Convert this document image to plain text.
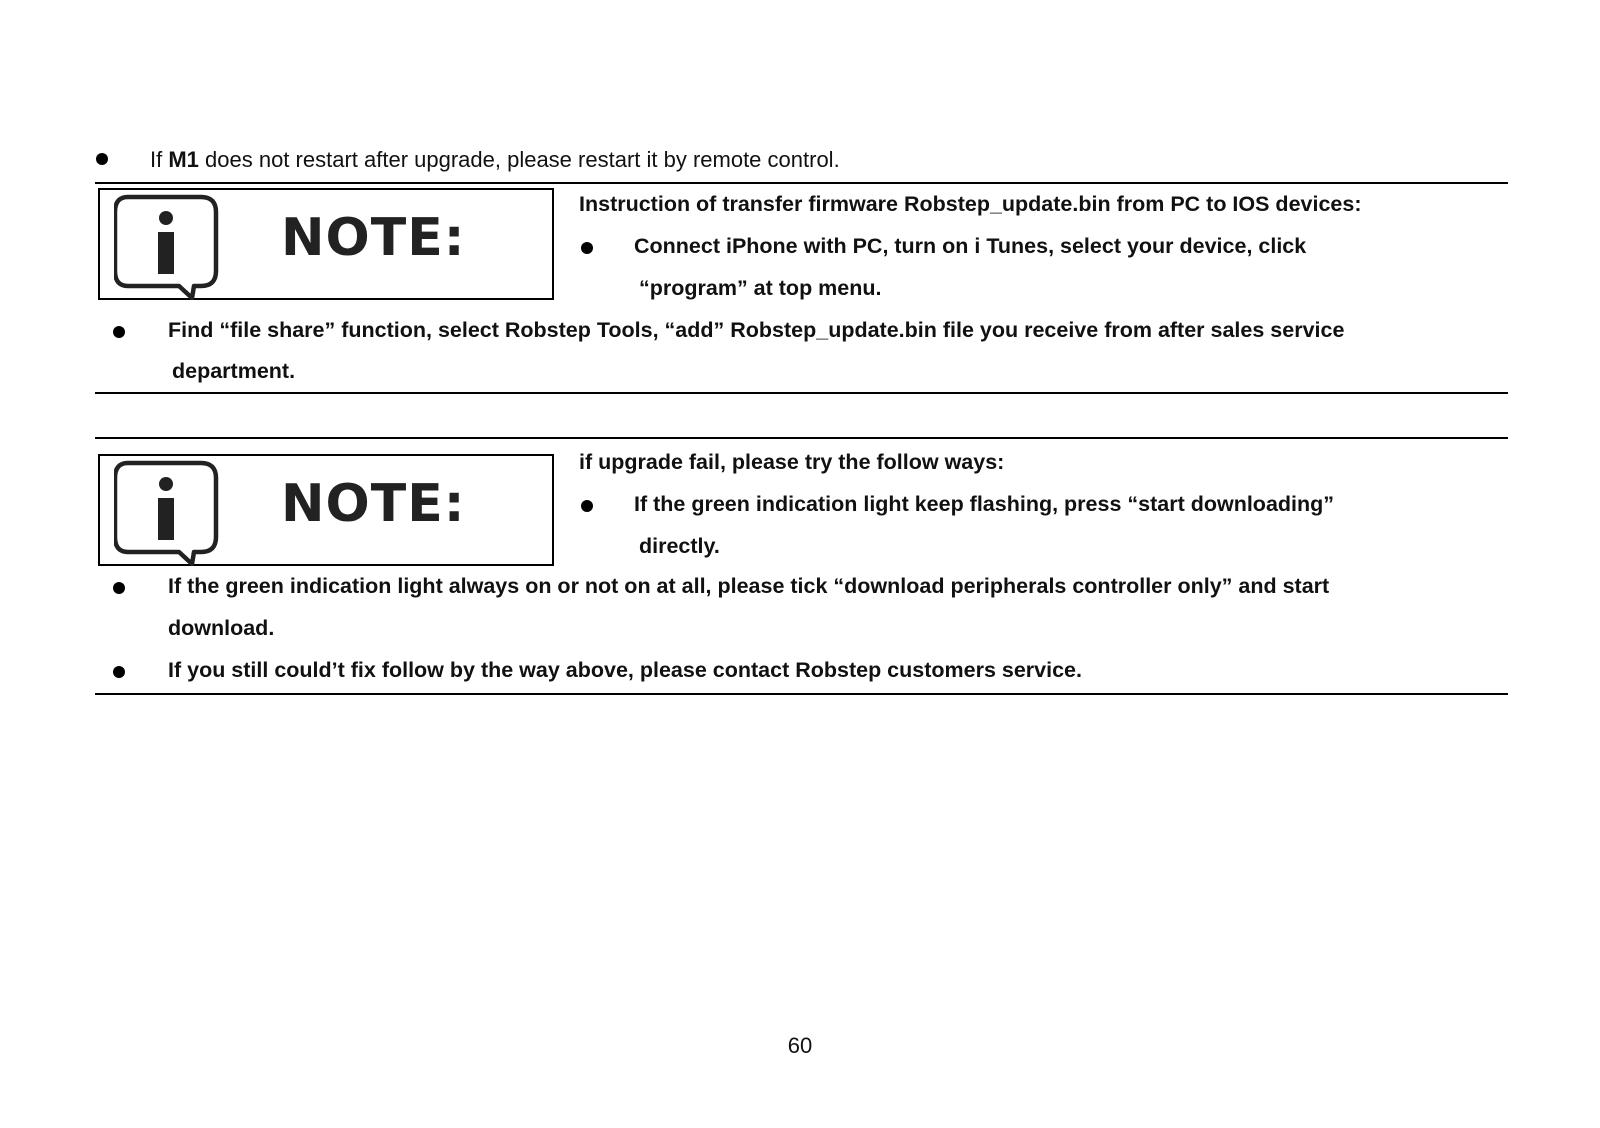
If M1 does not restart after upgrade, please restart it by remote control.
NOTE:
Instruction of transfer firmware Robstep_update.bin from PC to IOS devices:
Connect iPhone with PC, turn on i Tunes, select your device, click
“program” at top menu.
Find “file share” function, select Robstep Tools, “add” Robstep_update.bin file you receive from after sales service
department.
NOTE:
if upgrade fail, please try the follow ways:
If the green indication light keep flashing, press “start downloading”
directly.
If the green indication light always on or not on at all, please tick “download peripherals controller only” and start
download.
If you still could’t fix follow by the way above, please contact Robstep customers service.
60
